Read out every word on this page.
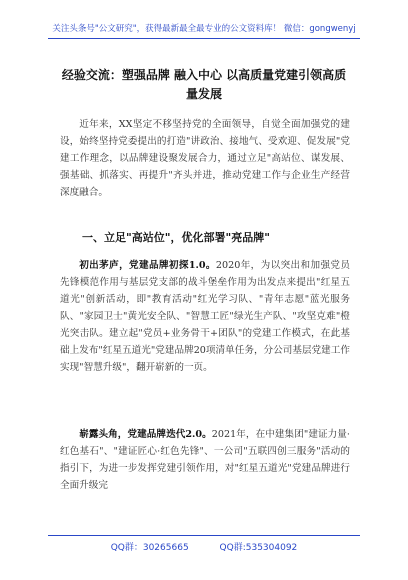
关注头条号"公文研究"，获得最新最全最专业的公文资料库！ 微信：gongwenyj
经验交流：塑强品牌 融入中心 以高质量党建引领高质量发展
近年来，XX坚定不移坚持党的全面领导，自觉全面加强党的建设，始终坚持党委提出的打造"讲政治、接地气、受欢迎、促发展"党建工作理念，以品牌建设聚发展合力，通过立足"高站位、谋发展、强基础、抓落实、再提升"齐头并进，推动党建工作与企业生产经营深度融合。
一、立足"高站位"，优化部署"亮品牌"
初出茅庐，党建品牌初探1.0。2020年，为以突出和加强党员先锋模范作用与基层党支部的战斗堡垒作用为出发点来提出"红星五道光"创新活动，即"教育活动"红光学习队、"青年志愿"蓝光服务队、"家园卫士"黄光安全队、"智慧工匠"绿光生产队、"攻坚克难"橙光突击队。建立起"党员+业务骨干+团队"的党建工作模式，在此基础上发布"红星五道光"党建品牌20项清单任务，分公司基层党建工作实现"智慧升级"，翻开崭新的一页。
崭露头角，党建品牌迭代2.0。2021年，在中建集团"建证力量·红色基石"、"建证匠心·红色先锋"、一公司"五联四创三服务"活动的指引下，为进一步发挥党建引领作用，对"红星五道光"党建品牌进行全面升级完
QQ群：30265665	QQ群:535304092
